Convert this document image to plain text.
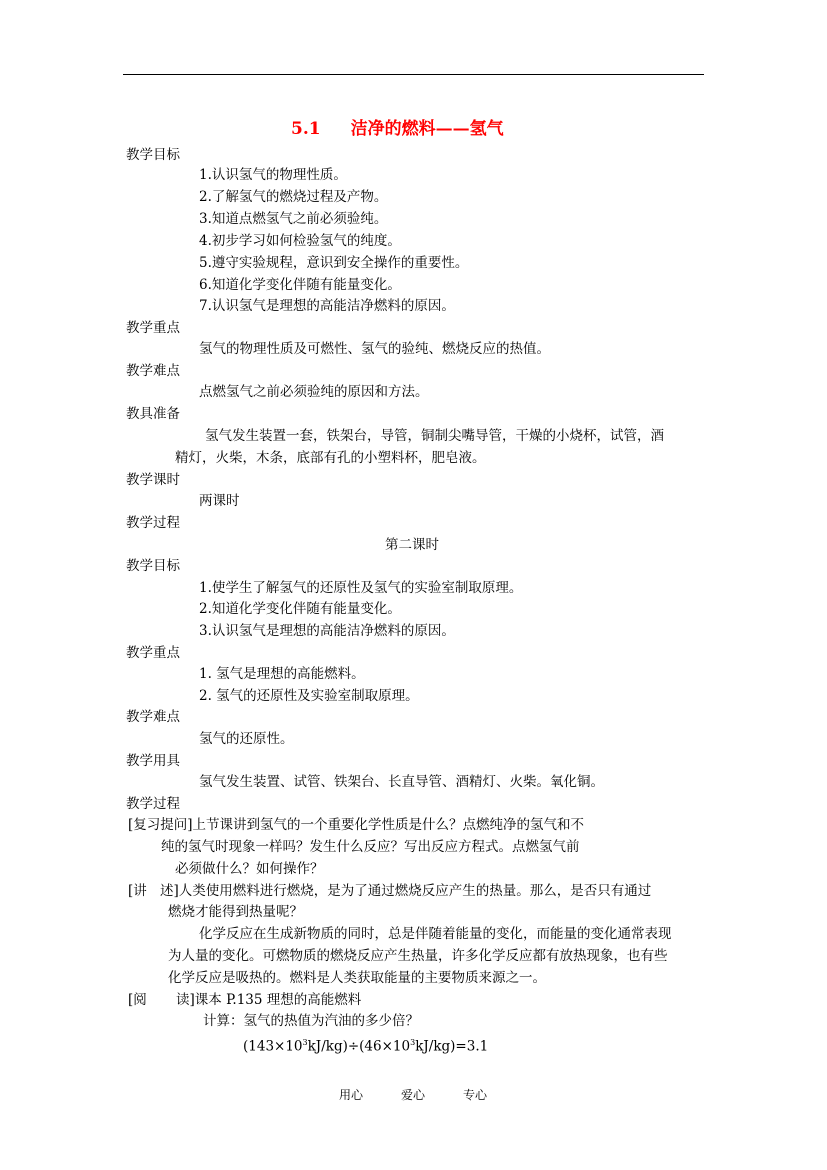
5.1 洁净的燃料——氢气
教学目标
1.认识氢气的物理性质。
2.了解氢气的燃烧过程及产物。
3.知道点燃氢气之前必须验纯。
4.初步学习如何检验氢气的纯度。
5.遵守实验规程，意识到安全操作的重要性。
6.知道化学变化伴随有能量变化。
7.认识氢气是理想的高能洁净燃料的原因。
教学重点
氢气的物理性质及可燃性、氢气的验纯、燃烧反应的热值。
教学难点
点燃氢气之前必须验纯的原因和方法。
教具准备
氢气发生装置一套，铁架台，导管，铜制尖嘴导管，干燥的小烧杯，试管，酒
精灯，火柴，木条，底部有孔的小塑料杯，肥皂液。
教学课时
两课时
教学过程
第二课时
教学目标
1.使学生了解氢气的还原性及氢气的实验室制取原理。
2.知道化学变化伴随有能量变化。
3.认识氢气是理想的高能洁净燃料的原因。
教学重点
1. 氢气是理想的高能燃料。
2. 氢气的还原性及实验室制取原理。
教学难点
氢气的还原性。
教学用具
氢气发生装置、试管、铁架台、长直导管、酒精灯、火柴。氧化铜。
教学过程
[复习提问]上节课讲到氢气的一个重要化学性质是什么？点燃纯净的氢气和不
纯的氢气时现象一样吗？发生什么反应？写出反应方程式。点燃氢气前
必须做什么？如何操作？
[讲 述]人类使用燃料进行燃烧，是为了通过燃烧反应产生的热量。那么，是否只有通过
燃烧才能得到热量呢？
化学反应在生成新物质的同时，总是伴随着能量的变化，而能量的变化通常表现
为人量的变化。可燃物质的燃烧反应产生热量，许多化学反应都有放热现象，也有些
化学反应是吸热的。燃料是人类获取能量的主要物质来源之一。
[阅 读]课本 P.135 理想的高能燃料
计算：氢气的热值为汽油的多少倍？
$(143\times 10^3kJ/kg)\div(46\times 10^3kJ/kg)=3.1$
用心	爱心	专心
